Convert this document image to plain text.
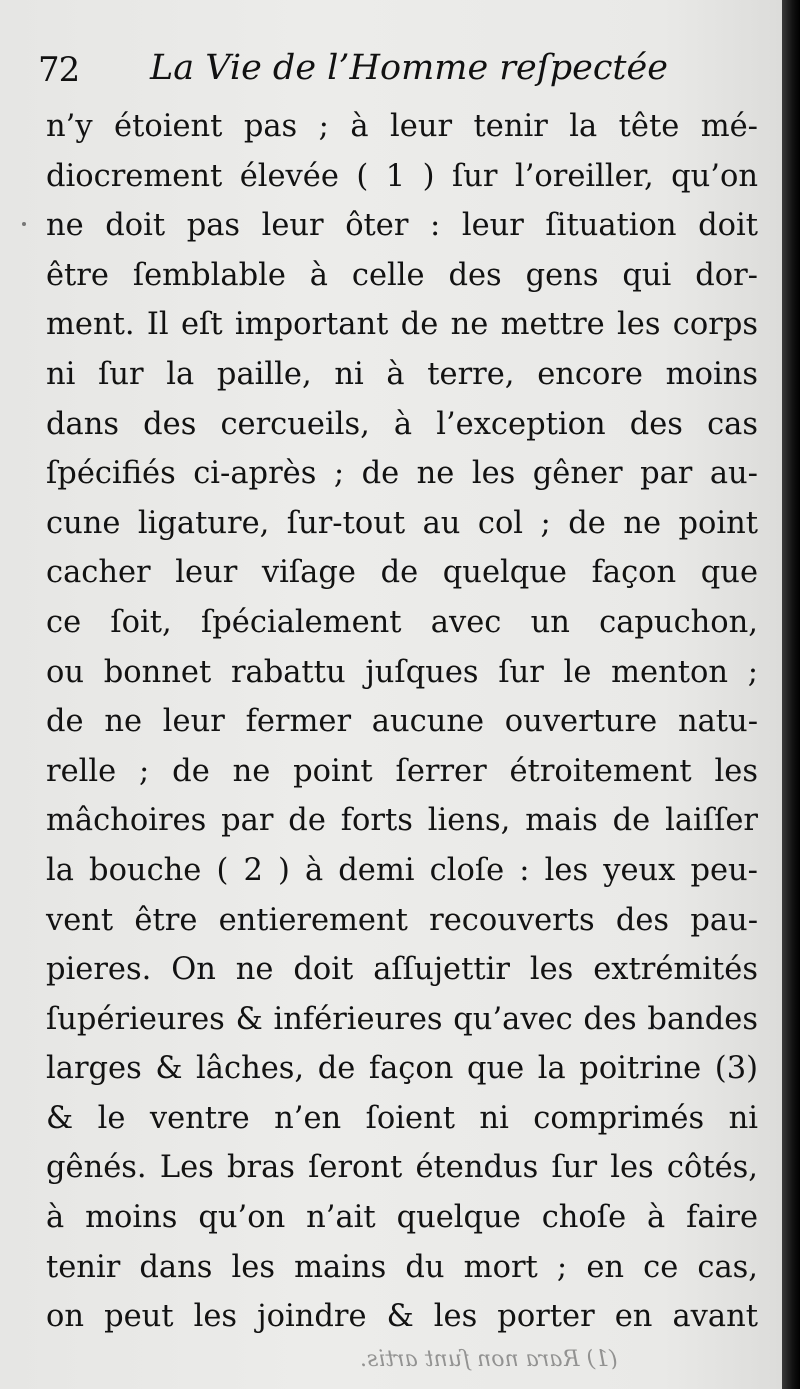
72 La Vie de l’Homme reſpectée
n’y étoient pas ; à leur tenir la tête mé-
diocrement élevée ( 1 ) ſur l’oreiller, qu’on
ne doit pas leur ôter : leur ſituation doit
être ſemblable à celle des gens qui dor-
ment. Il eſt important de ne mettre les corps
ni ſur la paille, ni à terre, encore moins
dans des cercueils, à l’exception des cas
ſpécifiés ci-après ; de ne les gêner par au-
cune ligature, ſur-tout au col ; de ne point
cacher leur viſage de quelque façon que
ce ſoit, ſpécialement avec un capuchon,
ou bonnet rabattu juſques ſur le menton ;
de ne leur fermer aucune ouverture natu-
relle ; de ne point ſerrer étroitement les
mâchoires par de forts liens, mais de laiſſer
la bouche ( 2 ) à demi cloſe : les yeux peu-
vent être entierement recouverts des pau-
pieres. On ne doit aſſujettir les extrémités
ſupérieures & inférieures qu’avec des bandes
larges & lâches, de façon que la poitrine (3)
& le ventre n’en ſoient ni comprimés ni
gênés. Les bras ſeront étendus ſur les côtés,
à moins qu’on n’ait quelque choſe à faire
tenir dans les mains du mort ; en ce cas,
on peut les joindre & les porter en avant
(1) Rara non ſunt artis.
